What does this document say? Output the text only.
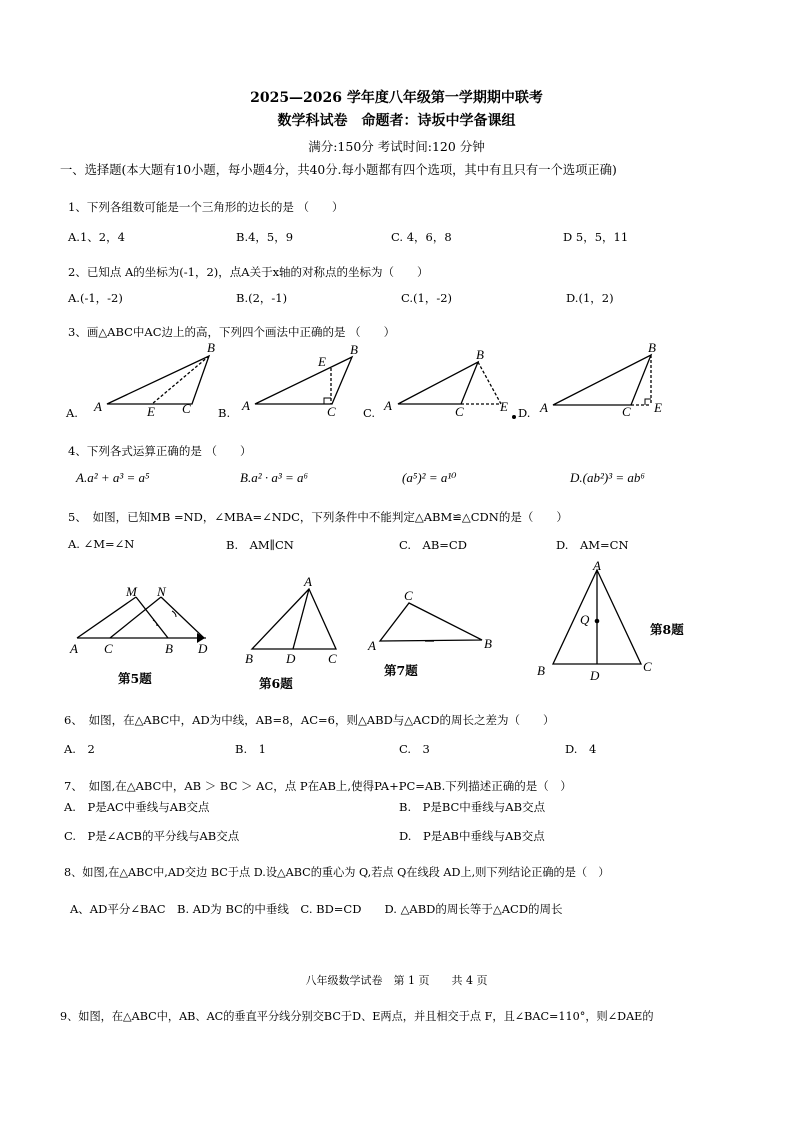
2025—2026 学年度八年级第一学期期中联考
数学科试卷　命题者：诗坂中学备课组
满分:150分 考试时间:120 分钟
一、选择题(本大题有10小题，每小题4分，共40分.每小题都有四个选项，其中有且只有一个选项正确)
1、下列各组数可能是一个三角形的边长的是 （　　）
A.1、2，4	B.4，5，9	C. 4，6，8	D 5，5，11
2、已知点 A的坐标为(-1，2)，点A关于x轴的对称点的坐标为（　　）
A.(-1，-2)	B.(2，-1)	C.(1，-2)	D.(1，2)
3、画△ABC中AC边上的高，下列四个画法中正确的是 （　　）
A.	B.	C.	D.
A
B
C
E	A
B
C
E
A
B
C	E A
B
C E
4、下列各式运算正确的是 （　　）
A.a² + a³ = a⁵	B.a² · a³ = a⁶	(a⁵)² = a¹⁰	D.(ab²)³ = ab⁶
5、　如图，已知MB =ND，∠MBA=∠NDC，下列条件中不能判定△ABM≌△CDN的是（　　）
A. ∠M=∠N	B.　AM∥CN	C.　AB=CD	D.　AM=CN
M N
A C	B D
A
B	D	C
C
A	B
A
Q
B	D
C
第5题	第6题
第7题
第8题
6、　如图，在△ABC中，AD为中线，AB=8，AC=6，则△ABD与△ACD的周长之差为（　　）
A.　2	B.　1	C.　3	D.　4
7、　如图,在△ABC中，AB ＞ BC ＞ AC，点 P在AB上,使得PA+PC=AB.下列描述正确的是（　）
A.　P是AC中垂线与AB交点	B.　P是BC中垂线与AB交点
C.　P是∠ACB的平分线与AB交点	D.　P是AB中垂线与AB交点
8、如图,在△ABC中,AD交边 BC于点 D.设△ABC的重心为 Q,若点 Q在线段 AD上,则下列结论正确的是（　）
A、AD平分∠BAC　B. AD为 BC的中垂线　C. BD=CD　　D. △ABD的周长等于△ACD的周长
八年级数学试卷　第 1 页　　共 4 页
9、如图，在△ABC中，AB、AC的垂直平分线分别交BC于D、E两点，并且相交于点 F，且∠BAC=110°，则∠DAE的
